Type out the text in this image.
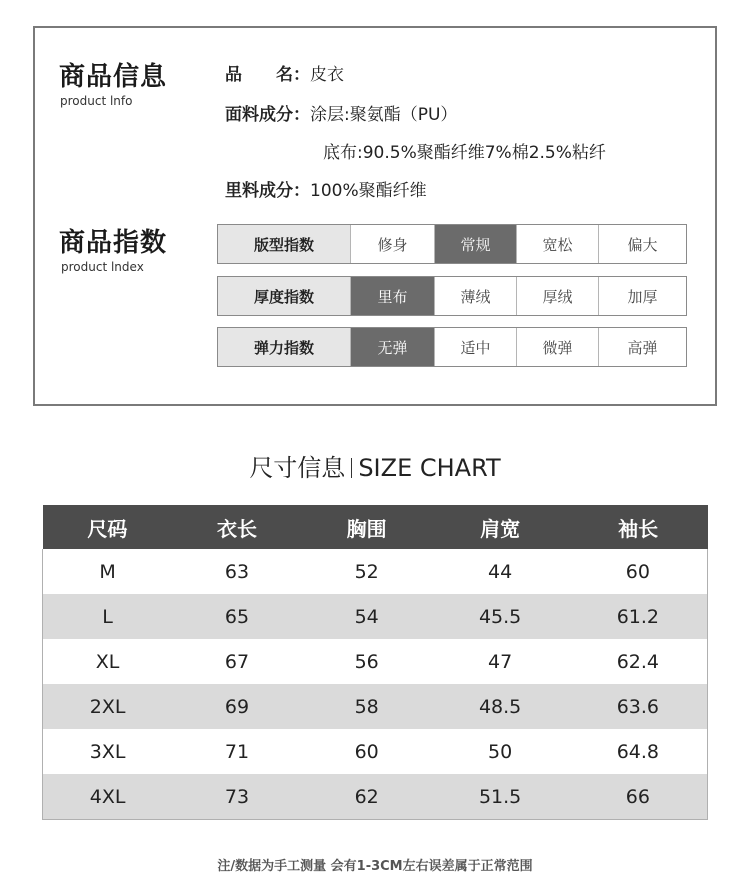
商品信息
product lnfo
品　　名：皮衣
面料成分：涂层:聚氨酯（PU）
底布:90.5%聚酯纤维7%棉2.5%粘纤
里料成分：100%聚酯纤维
商品指数
product lndex
版型指数	修身	常规	宽松	偏大
厚度指数	里布	薄绒	厚绒	加厚
弹力指数	无弹	适中	微弹	高弹
尺寸信息 SIZE CHART
尺码	衣长	胸围	肩宽	袖长
M	63	52	44	60
L	65	54	45.5	61.2
XL	67	56	47	62.4
2XL	69	58	48.5	63.6
3XL	71	60	50	64.8
4XL	73	62	51.5	66
注/数据为手工测量 会有1-3CM左右误差属于正常范围
